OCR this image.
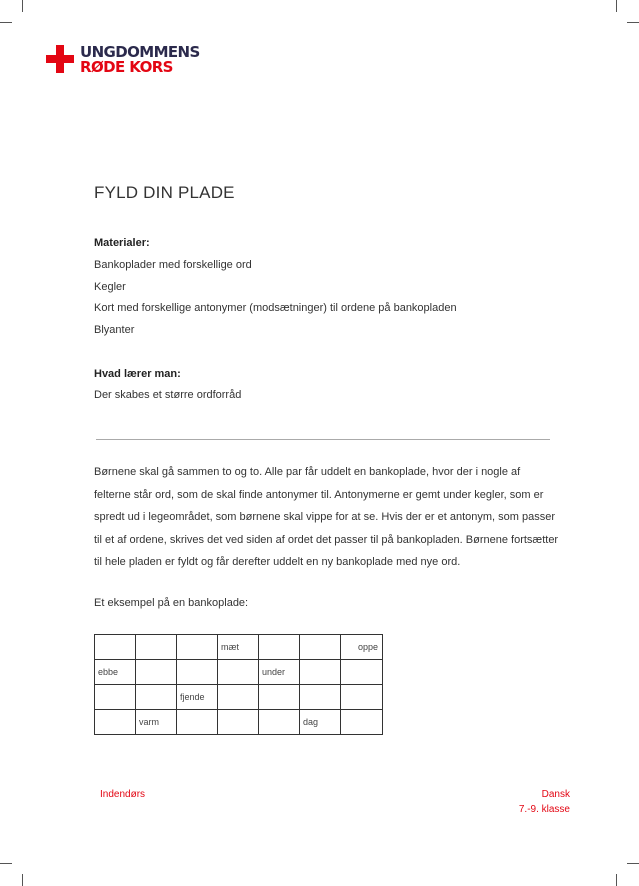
UNGDOMMENS
RØDE KORS
FYLD DIN PLADE
Materialer:
Bankoplader med forskellige ord
Kegler
Kort med forskellige antonymer (modsætninger) til ordene på bankopladen
Blyanter
Hvad lærer man:
Der skabes et større ordforråd
Børnene skal gå sammen to og to. Alle par får uddelt en bankoplade, hvor der i nogle af
felterne står ord, som de skal finde antonymer til. Antonymerne er gemt under kegler, som er
spredt ud i legeområdet, som børnene skal vippe for at se. Hvis der er et antonym, som passer
til et af ordene, skrives det ved siden af ordet det passer til på bankopladen. Børnene fortsætter
til hele pladen er fyldt og får derefter uddelt en ny bankoplade med nye ord.
Et eksempel på en bankoplade:
			mæt			oppe
ebbe				under		
		fjende				
	varm				dag	
Indendørs	Dansk
7.-9. klasse
